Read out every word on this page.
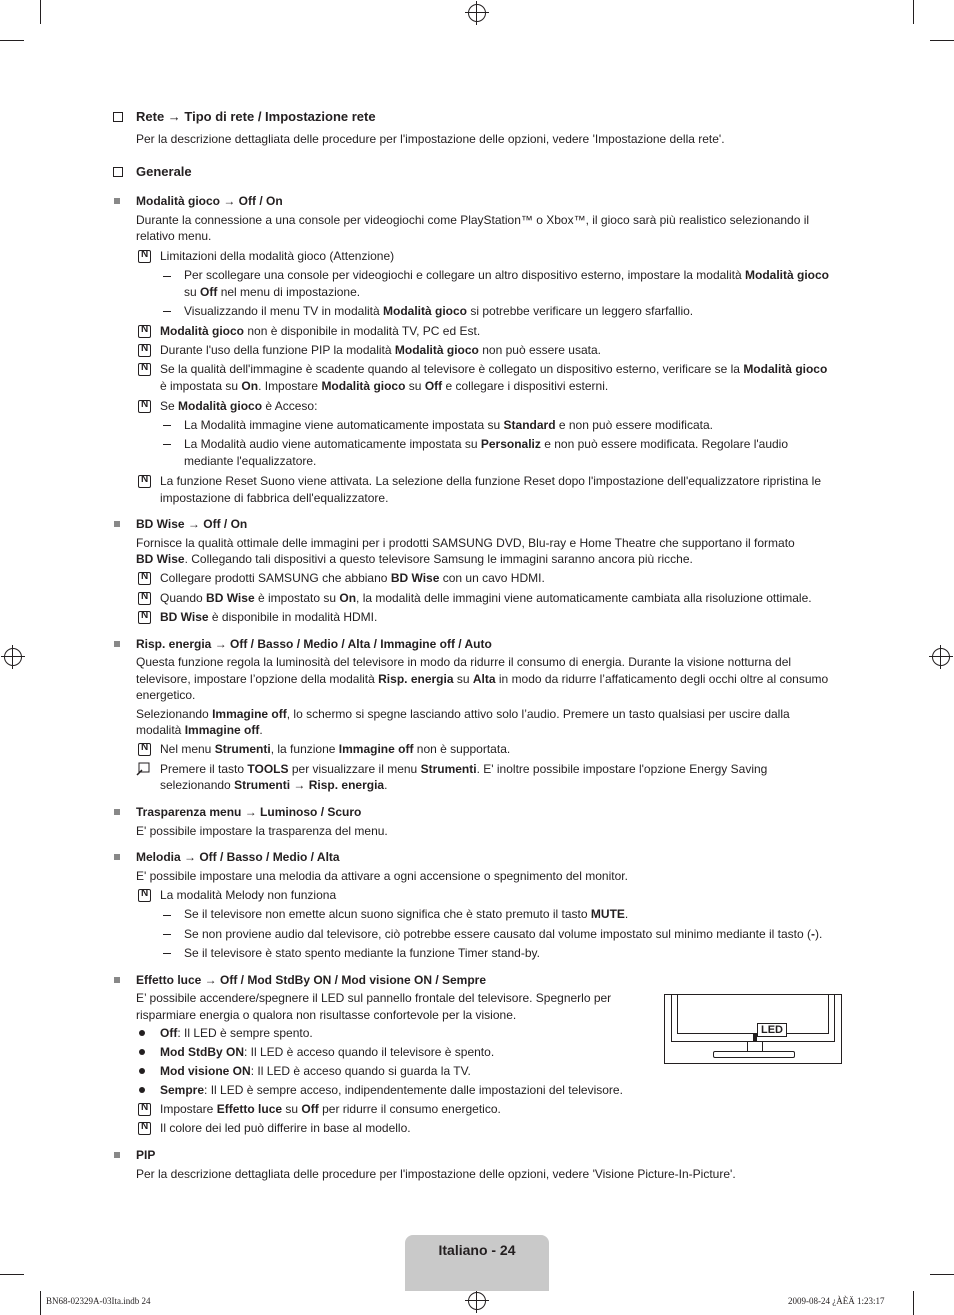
Rete → Tipo di rete / Impostazione rete
Per la descrizione dettagliata delle procedure per l'impostazione delle opzioni, vedere 'Impostazione della rete'.
Generale
Modalità gioco → Off / On
Durante la connessione a una console per videogiochi come PlayStation™ o Xbox™, il gioco sarà più realistico selezionando il
relativo menu.
N
Limitazioni della modalità gioco (Attenzione)
Per scollegare una console per videogiochi e collegare un altro dispositivo esterno, impostare la modalità Modalità gioco
su Off nel menu di impostazione.
Visualizzando il menu TV in modalità Modalità gioco si potrebbe verificare un leggero sfarfallio.
N
Modalità gioco non è disponibile in modalità TV, PC ed Est.
N
Durante l'uso della funzione PIP la modalità Modalità gioco non può essere usata.
N
Se la qualità dell'immagine è scadente quando al televisore è collegato un dispositivo esterno, verificare se la Modalità gioco
è impostata su On. Impostare Modalità gioco su Off e collegare i dispositivi esterni.
N
Se Modalità gioco è Acceso:
La Modalità immagine viene automaticamente impostata su Standard e non può essere modificata.
La Modalità audio viene automaticamente impostata su Personaliz e non può essere modificata. Regolare l'audio
mediante l'equalizzatore.
N
La funzione Reset Suono viene attivata. La selezione della funzione Reset dopo l'impostazione dell'equalizzatore ripristina le
impostazione di fabbrica dell'equalizzatore.
BD Wise → Off / On
Fornisce la qualità ottimale delle immagini per i prodotti SAMSUNG DVD, Blu-ray e Home Theatre che supportano il formato
BD Wise. Collegando tali dispositivi a questo televisore Samsung le immagini saranno ancora più ricche.
N
Collegare prodotti SAMSUNG che abbiano BD Wise con un cavo HDMI.
N
Quando BD Wise è impostato su On, la modalità delle immagini viene automaticamente cambiata alla risoluzione ottimale.
N
BD Wise è disponibile in modalità HDMI.
Risp. energia → Off / Basso / Medio / Alta / Immagine off / Auto
Questa funzione regola la luminosità del televisore in modo da ridurre il consumo di energia. Durante la visione notturna del
televisore, impostare l’opzione della modalità Risp. energia su Alta in modo da ridurre l’affaticamento degli occhi oltre al consumo
energetico.
Selezionando Immagine off, lo schermo si spegne lasciando attivo solo l’audio. Premere un tasto qualsiasi per uscire dalla
modalità Immagine off.
N
Nel menu Strumenti, la funzione Immagine off non è supportata.
Premere il tasto TOOLS per visualizzare il menu Strumenti. E' inoltre possibile impostare l'opzione Energy Saving
selezionando Strumenti → Risp. energia.
Trasparenza menu → Luminoso / Scuro
E' possibile impostare la trasparenza del menu.
Melodia → Off / Basso / Medio / Alta
E' possibile impostare una melodia da attivare a ogni accensione o spegnimento del monitor.
N
La modalità Melody non funziona
Se il televisore non emette alcun suono significa che è stato premuto il tasto MUTE.
Se non proviene audio dal televisore, ciò potrebbe essere causato dal volume impostato sul minimo mediante il tasto (-).
Se il televisore è stato spento mediante la funzione Timer stand-by.
Effetto luce → Off / Mod StdBy ON / Mod visione ON / Sempre
E’ possibile accendere/spegnere il LED sul pannello frontale del televisore. Spegnerlo per
risparmiare energia o qualora non risultasse confortevole per la visione.
Off: Il LED è sempre spento.
Mod StdBy ON: Il LED è acceso quando il televisore è spento.
Mod visione ON: Il LED è acceso quando si guarda la TV.
Sempre: Il LED è sempre acceso, indipendentemente dalle impostazioni del televisore.
N
Impostare Effetto luce su Off per ridurre il consumo energetico.
N
Il colore dei led può differire in base al modello.
LED
PIP
Per la descrizione dettagliata delle procedure per l'impostazione delle opzioni, vedere 'Visione Picture-In-Picture'.
Italiano - 24
BN68-02329A-03Ita.indb 24	2009-08-24 ¿ÀÈÄ 1:23:17
